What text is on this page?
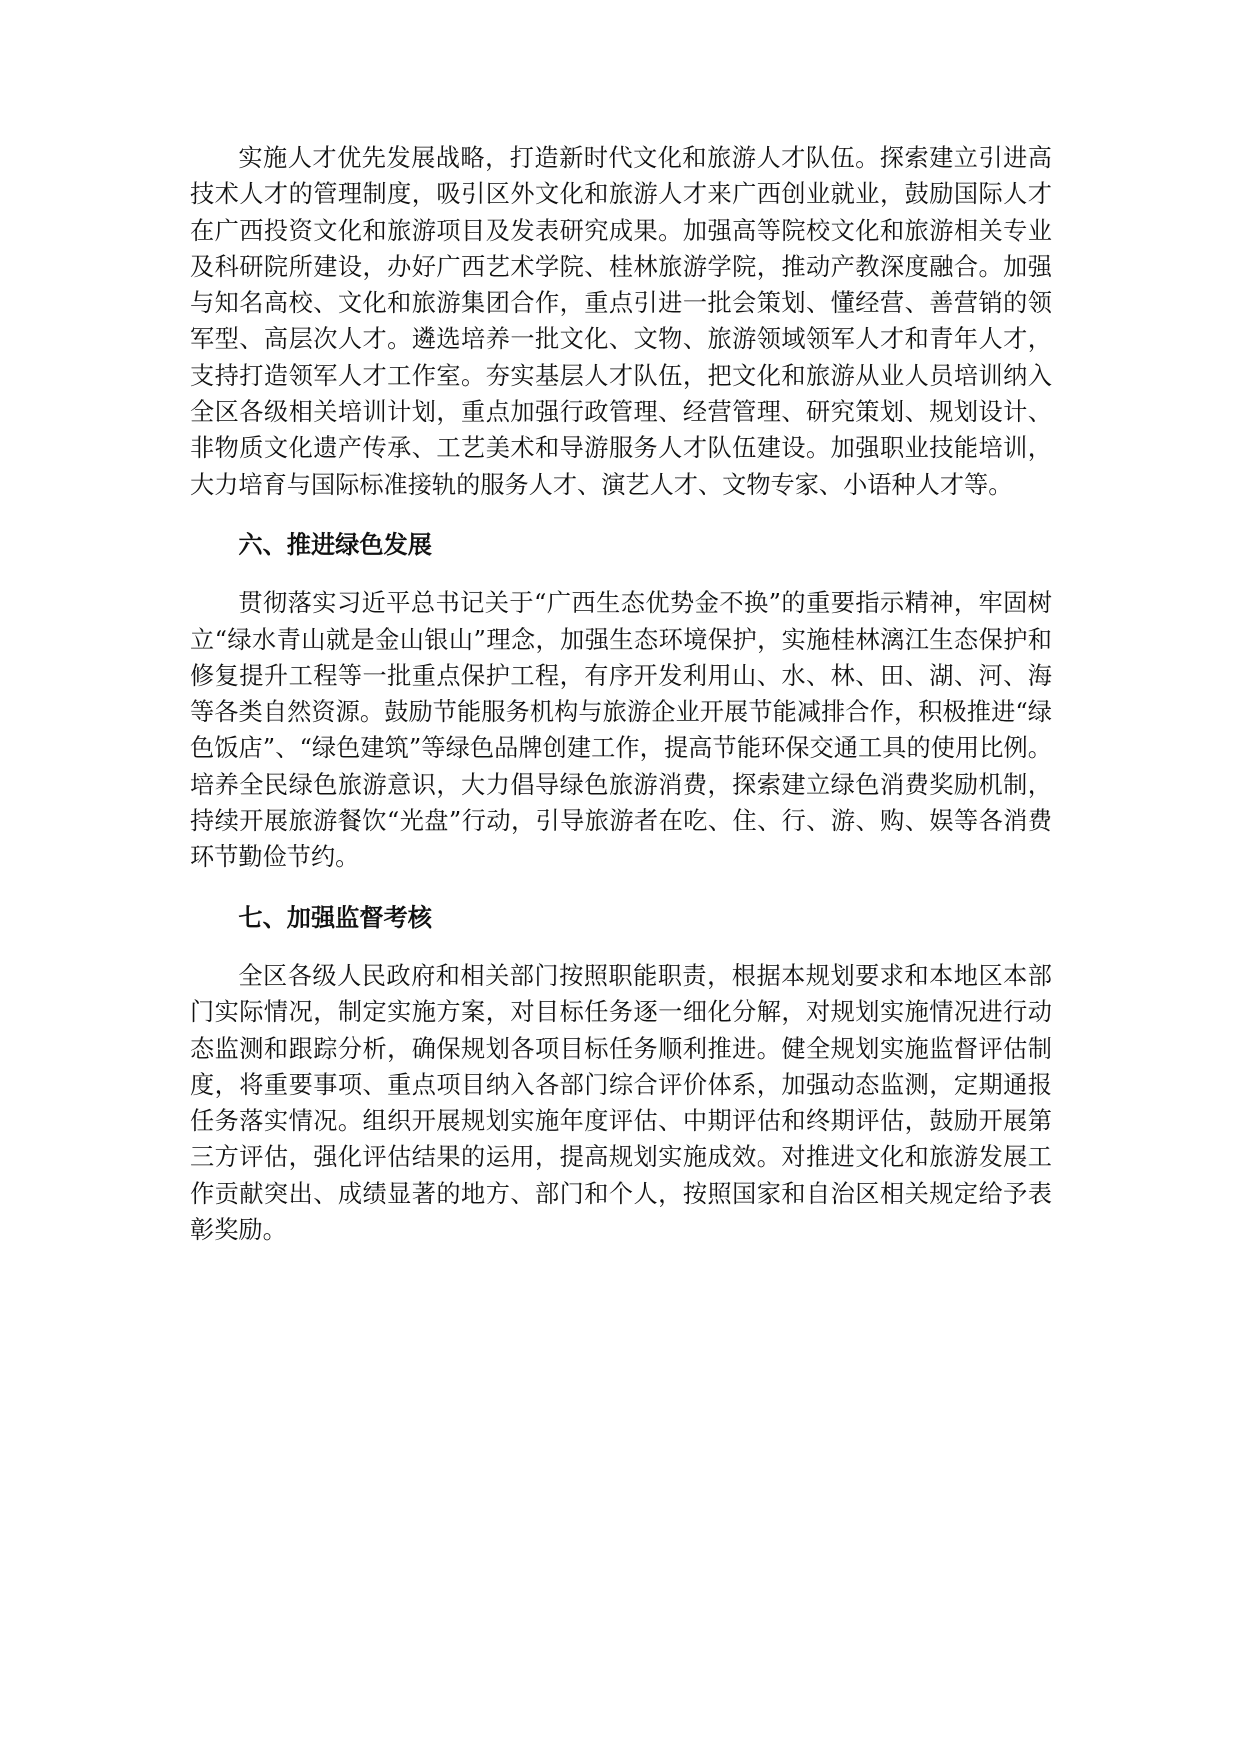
实施人才优先发展战略，打造新时代文化和旅游人才队伍。探索建立引进高技术人才的管理制度，吸引区外文化和旅游人才来广西创业就业，鼓励国际人才在广西投资文化和旅游项目及发表研究成果。加强高等院校文化和旅游相关专业及科研院所建设，办好广西艺术学院、桂林旅游学院，推动产教深度融合。加强与知名高校、文化和旅游集团合作，重点引进一批会策划、懂经营、善营销的领军型、高层次人才。遴选培养一批文化、文物、旅游领域领军人才和青年人才，支持打造领军人才工作室。夯实基层人才队伍，把文化和旅游从业人员培训纳入全区各级相关培训计划，重点加强行政管理、经营管理、研究策划、规划设计、非物质文化遗产传承、工艺美术和导游服务人才队伍建设。加强职业技能培训，大力培育与国际标准接轨的服务人才、演艺人才、文物专家、小语种人才等。

六、推进绿色发展

贯彻落实习近平总书记关于“广西生态优势金不换”的重要指示精神，牢固树立“绿水青山就是金山银山”理念，加强生态环境保护，实施桂林漓江生态保护和修复提升工程等一批重点保护工程，有序开发利用山、水、林、田、湖、河、海等各类自然资源。鼓励节能服务机构与旅游企业开展节能减排合作，积极推进“绿色饭店”、“绿色建筑”等绿色品牌创建工作，提高节能环保交通工具的使用比例。培养全民绿色旅游意识，大力倡导绿色旅游消费，探索建立绿色消费奖励机制，持续开展旅游餐饮“光盘”行动，引导旅游者在吃、住、行、游、购、娱等各消费环节勤俭节约。

七、加强监督考核

全区各级人民政府和相关部门按照职能职责，根据本规划要求和本地区本部门实际情况，制定实施方案，对目标任务逐一细化分解，对规划实施情况进行动态监测和跟踪分析，确保规划各项目标任务顺利推进。健全规划实施监督评估制度，将重要事项、重点项目纳入各部门综合评价体系，加强动态监测，定期通报任务落实情况。组织开展规划实施年度评估、中期评估和终期评估，鼓励开展第三方评估，强化评估结果的运用，提高规划实施成效。对推进文化和旅游发展工作贡献突出、成绩显著的地方、部门和个人，按照国家和自治区相关规定给予表彰奖励。
